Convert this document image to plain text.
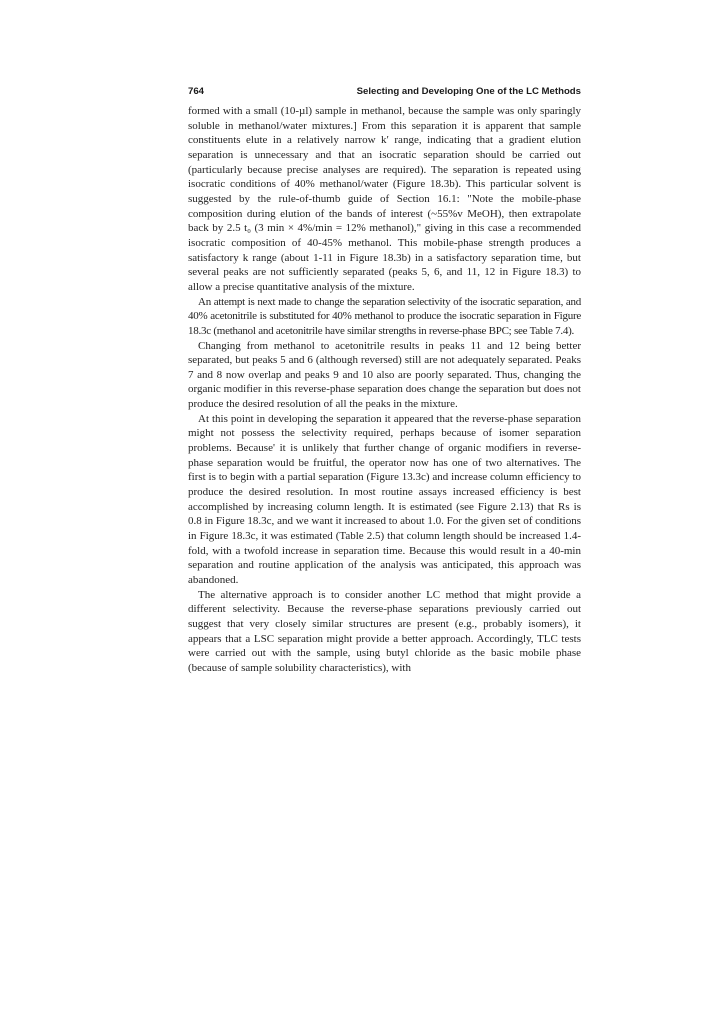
764	Selecting and Developing One of the LC Methods

formed with a small (10-µl) sample in methanol, because the sample was only sparingly soluble in methanol/water mixtures.] From this separation it is apparent that sample constituents elute in a relatively narrow k′ range, indicating that a gradient elution separation is unnecessary and that an isocratic separation should be carried out (particularly because precise analyses are required). The separation is repeated using isocratic conditions of 40% methanol/water (Figure 18.3b). This particular solvent is suggested by the rule-of-thumb guide of Section 16.1: "Note the mobile-phase composition during elution of the bands of interest (~55%v MeOH), then extrapolate back by 2.5 t₀ (3 min × 4%/min = 12% methanol)," giving in this case a recommended isocratic composition of 40-45% methanol. This mobile-phase strength produces a satisfactory k range (about 1-11 in Figure 18.3b) in a satisfactory separation time, but several peaks are not sufficiently separated (peaks 5, 6, and 11, 12 in Figure 18.3) to allow a precise quantitative analysis of the mixture.

An attempt is next made to change the separation selectivity of the isocratic separation, and 40% acetonitrile is substituted for 40% methanol to produce the isocratic separation in Figure 18.3c (methanol and acetonitrile have similar strengths in reverse-phase BPC; see Table 7.4).

Changing from methanol to acetonitrile results in peaks 11 and 12 being better separated, but peaks 5 and 6 (although reversed) still are not adequately separated. Peaks 7 and 8 now overlap and peaks 9 and 10 also are poorly separated. Thus, changing the organic modifier in this reverse-phase separation does change the separation but does not produce the desired resolution of all the peaks in the mixture.

At this point in developing the separation it appeared that the reverse-phase separation might not possess the selectivity required, perhaps because of isomer separation problems. Because' it is unlikely that further change of organic modifiers in reverse-phase separation would be fruitful, the operator now has one of two alternatives. The first is to begin with a partial separation (Figure 13.3c) and increase column efficiency to produce the desired resolution. In most routine assays increased efficiency is best accomplished by increasing column length. It is estimated (see Figure 2.13) that Rs is 0.8 in Figure 18.3c, and we want it increased to about 1.0. For the given set of conditions in Figure 18.3c, it was estimated (Table 2.5) that column length should be increased 1.4-fold, with a twofold increase in separation time. Because this would result in a 40-min separation and routine application of the analysis was anticipated, this approach was abandoned.

The alternative approach is to consider another LC method that might provide a different selectivity. Because the reverse-phase separations previously carried out suggest that very closely similar structures are present (e.g., probably isomers), it appears that a LSC separation might provide a better approach. Accordingly, TLC tests were carried out with the sample, using butyl chloride as the basic mobile phase (because of sample solubility characteristics), with
